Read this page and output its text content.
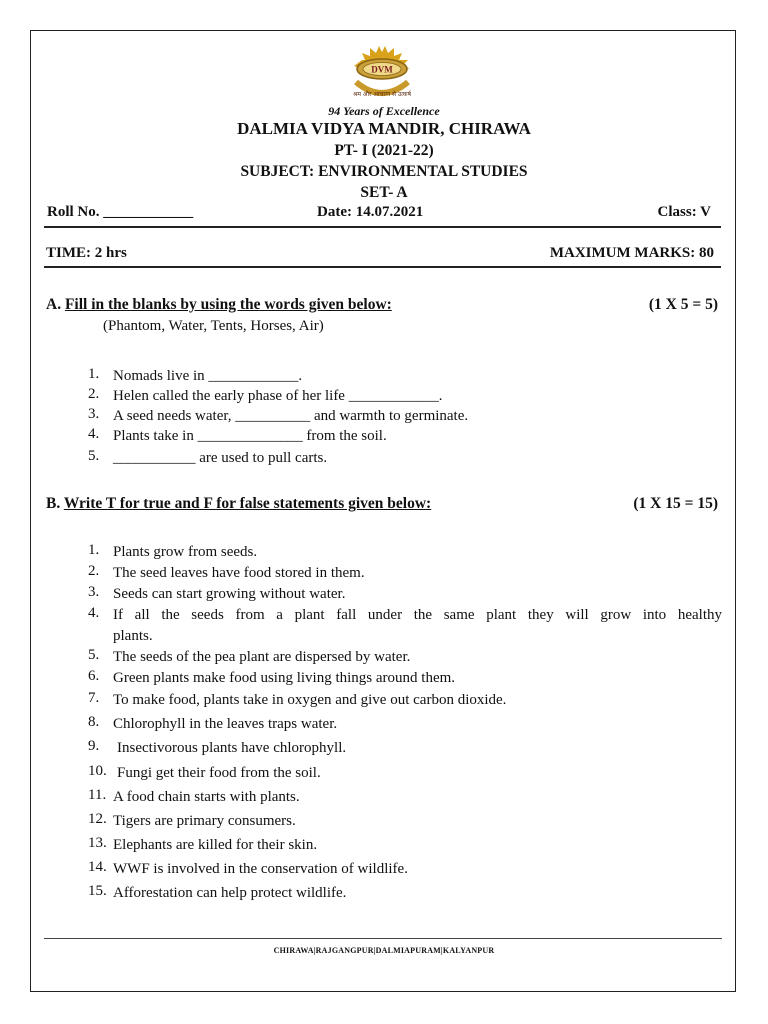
DVM
श्रम और आचरण से उत्कर्ष
94 Years of Excellence
DALMIA VIDYA MANDIR, CHIRAWA
PT- I (2021-22)
SUBJECT: ENVIRONMENTAL STUDIES
SET- A
Roll No. ____________	Date: 14.07.2021	Class: V
TIME: 2 hrs	MAXIMUM MARKS: 80
A. Fill in the blanks by using the words given below:	(1 X 5 = 5)
(Phantom, Water, Tents, Horses, Air)
1. Nomads live in ____________.
2. Helen called the early phase of her life ____________.
3. A seed needs water, __________ and warmth to germinate.
4. Plants take in ______________ from the soil.
5. ___________ are used to pull carts.
B. Write T for true and F for false statements given below:	(1 X 15 = 15)
1. Plants grow from seeds.
2. The seed leaves have food stored in them.
3. Seeds can start growing without water.
4. If all the seeds from a plant fall under the same plant they will grow into healthy
plants.
5. The seeds of the pea plant are dispersed by water.
6. Green plants make food using living things around them.
7. To make food, plants take in oxygen and give out carbon dioxide.
8. Chlorophyll in the leaves traps water.
9. Insectivorous plants have chlorophyll.
10. Fungi get their food from the soil.
11. A food chain starts with plants.
12. Tigers are primary consumers.
13. Elephants are killed for their skin.
14. WWF is involved in the conservation of wildlife.
15. Afforestation can help protect wildlife.
CHIRAWA|RAJGANGPUR|DALMIAPURAM|KALYANPUR
